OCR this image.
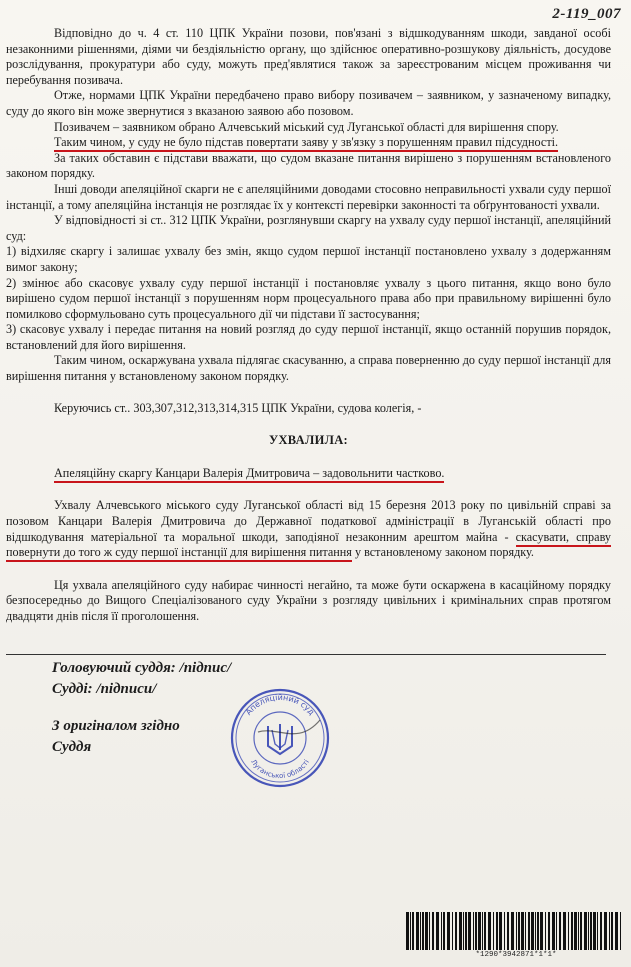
2-119_007

Відповідно до ч. 4 ст. 110 ЦПК України позови, пов'язані з відшкодуванням шкоди, завданої особі незаконними рішеннями, діями чи бездіяльністю органу, що здійснює оперативно-розшукову діяльність, досудове розслідування, прокуратури або суду, можуть пред'являтися також за зареєстрованим місцем проживання чи перебування позивача.

Отже, нормами ЦПК України передбачено право вибору позивачем – заявником, у зазначеному випадку, суду до якого він може звернутися з вказаною заявою або позовом.

Позивачем – заявником обрано Алчевський міський суд Луганської області для вирішення спору.

Таким чином, у суду не було підстав повертати заяву у зв'язку з порушенням правил підсудності.

За таких обставин є підстави вважати, що судом вказане питання вирішено з порушенням встановленого законом порядку.

Інші доводи апеляційної скарги не є апеляційними доводами стосовно неправильності ухвали суду першої інстанції, а тому апеляційна інстанція не розглядає їх у контексті перевірки законності та обґрунтованості ухвали.

У відповідності зі ст.. 312 ЦПК України, розглянувши скаргу на ухвалу суду першої інстанції, апеляційний суд:

1) відхиляє скаргу і залишає ухвалу без змін, якщо судом першої інстанції постановлено ухвалу з додержанням вимог закону;

2) змінює або скасовує ухвалу суду першої інстанції і постановляє ухвалу з цього питання, якщо воно було вирішено судом першої інстанції з порушенням норм процесуального права або при правильному вирішенні було помилково сформульовано суть процесуального дії чи підстави її застосування;

3) скасовує ухвалу і передає питання на новий розгляд до суду першої інстанції, якщо останній порушив порядок, встановлений для його вирішення.

Таким чином, оскаржувана ухвала підлягає скасуванню, а справа поверненню до суду першої інстанції для вирішення питання у встановленому законом порядку.

Керуючись ст.. 303,307,312,313,314,315 ЦПК України, судова колегія, -

УХВАЛИЛА:

Апеляційну скаргу Канцари Валерія Дмитровича – задовольнити частково.

Ухвалу Алчевського міського суду Луганської області від 15 березня 2013 року по цивільній справі за позовом Канцари Валерія Дмитровича до Державної податкової адміністрації в Луганській області про відшкодування матеріальної та моральної шкоди, заподіяної незаконним арештом майна - скасувати, справу повернути до того ж суду першої інстанції для вирішення питання у встановленому законом порядку.

Ця ухвала апеляційного суду набирає чинності негайно, та може бути оскаржена в касаційному порядку безпосередньо до Вищого Спеціалізованого суду України з розгляду цивільних і кримінальних справ протягом двадцяти днів після її проголошення.

Головуючий суддя: /підпис/
Судді: /підписи/
З оригіналом згідно
Суддя
Апеляційний суд
Луганської області
*1290*3942871*1*1*
